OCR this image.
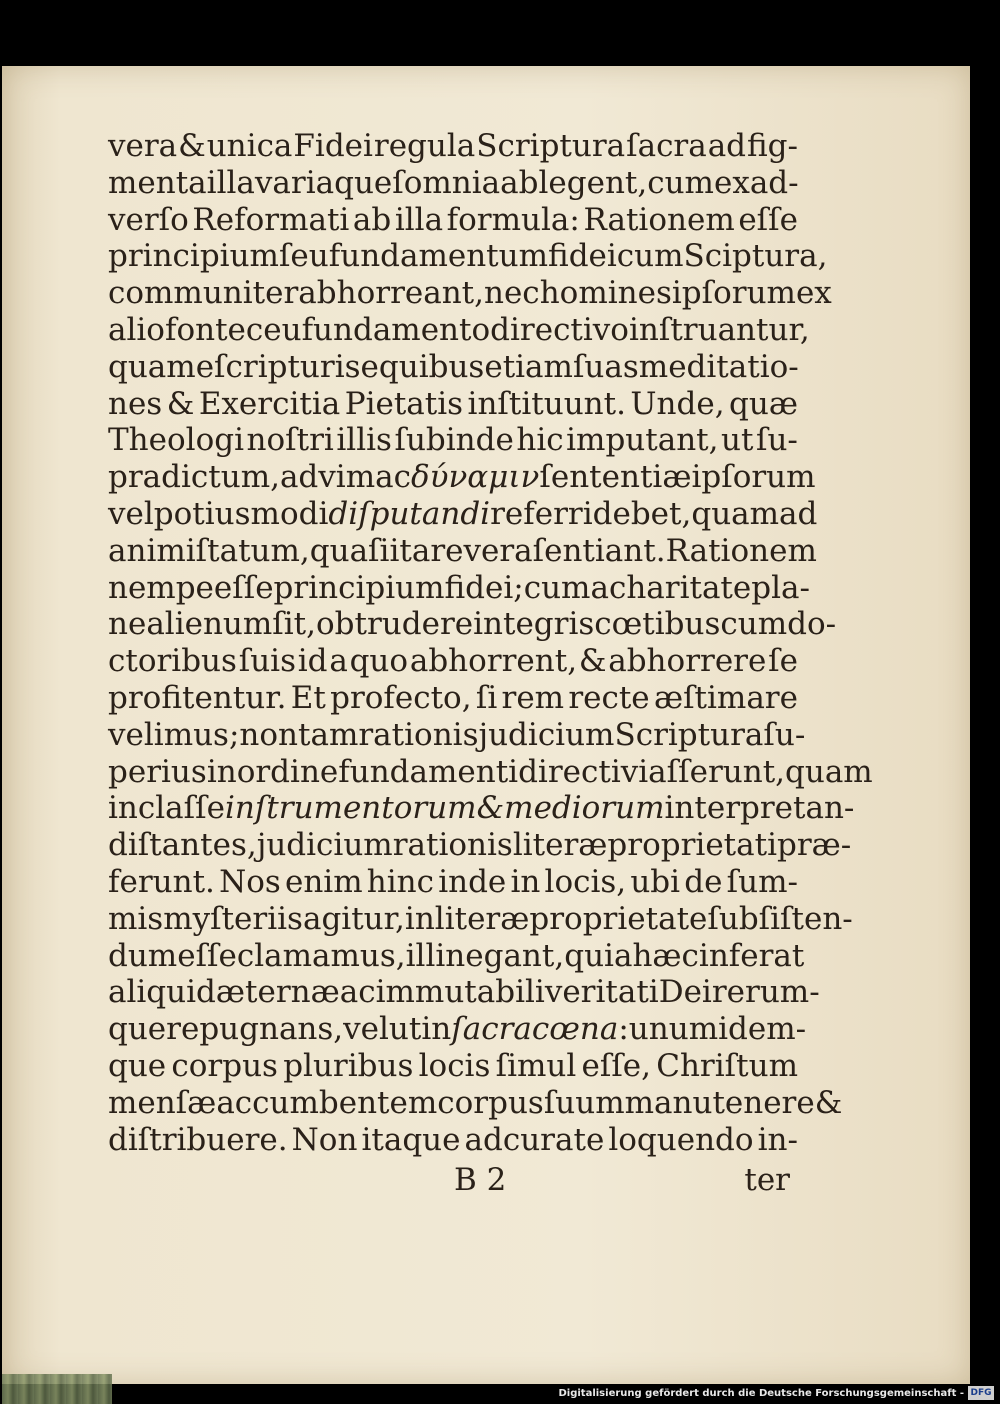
vera & unica Fidei regula Scriptura ſacra ad fig-
menta illa variaque ſomnia ablegent, cum ex ad-
verſo Reformati ab illa formula: Rationem eſſe
principium ſeu fundamentum fidei cum Sciptura,
communiter abhorreant, nec homines ipſorum ex
alio fonte ceu fundamento directivo inſtruantur,
quam e ſcripturis e quibus etiam ſuas meditatio-
nes & Exercitia Pietatis inſtituunt. Unde, quæ
Theologi noſtri illis ſubinde hic imputant, ut ſu-
pra dictum, ad vim ac δύναμιν ſententiæ ipſorum
vel potius modi diſputandi referri debet, quam ad
animi ſtatum, quaſi ita revera ſentiant. Rationem
nempe eſſe principium fidei; cum a charitate pla-
ne alienum ſit, obtrudere integris cœtibus cum do-
ctoribus ſuis id a quo abhorrent, & abhorrere ſe
profitentur. Et profecto, ſi rem recte æſtimare
velimus; non tam rationis judicium Scriptura ſu-
perius in ordine fundamenti directivi aſſerunt, quam
in claſſe inſtrumentorum & mediorum interpretan-
di ſtantes, judicium rationis literæ proprietati præ-
ferunt. Nos enim hinc inde in locis, ubi de ſum-
mis myſteriis agitur, in literæ proprietate ſubſiſten-
dum eſſe clamamus, illi negant, quia hæc inferat
aliquid æternæ ac immutabili veritati Dei rerum-
que repugnans, velut in ſacra cœna : unum idem-
que corpus pluribus locis ſimul eſſe, Chriſtum
menſæ accumbentem corpus ſuum manu tenere &
diſtribuere. Non itaque adcurate loquendo in-
B 2	ter
Digitalisierung gefördert durch die Deutsche Forschungsgemeinschaft - DFG
